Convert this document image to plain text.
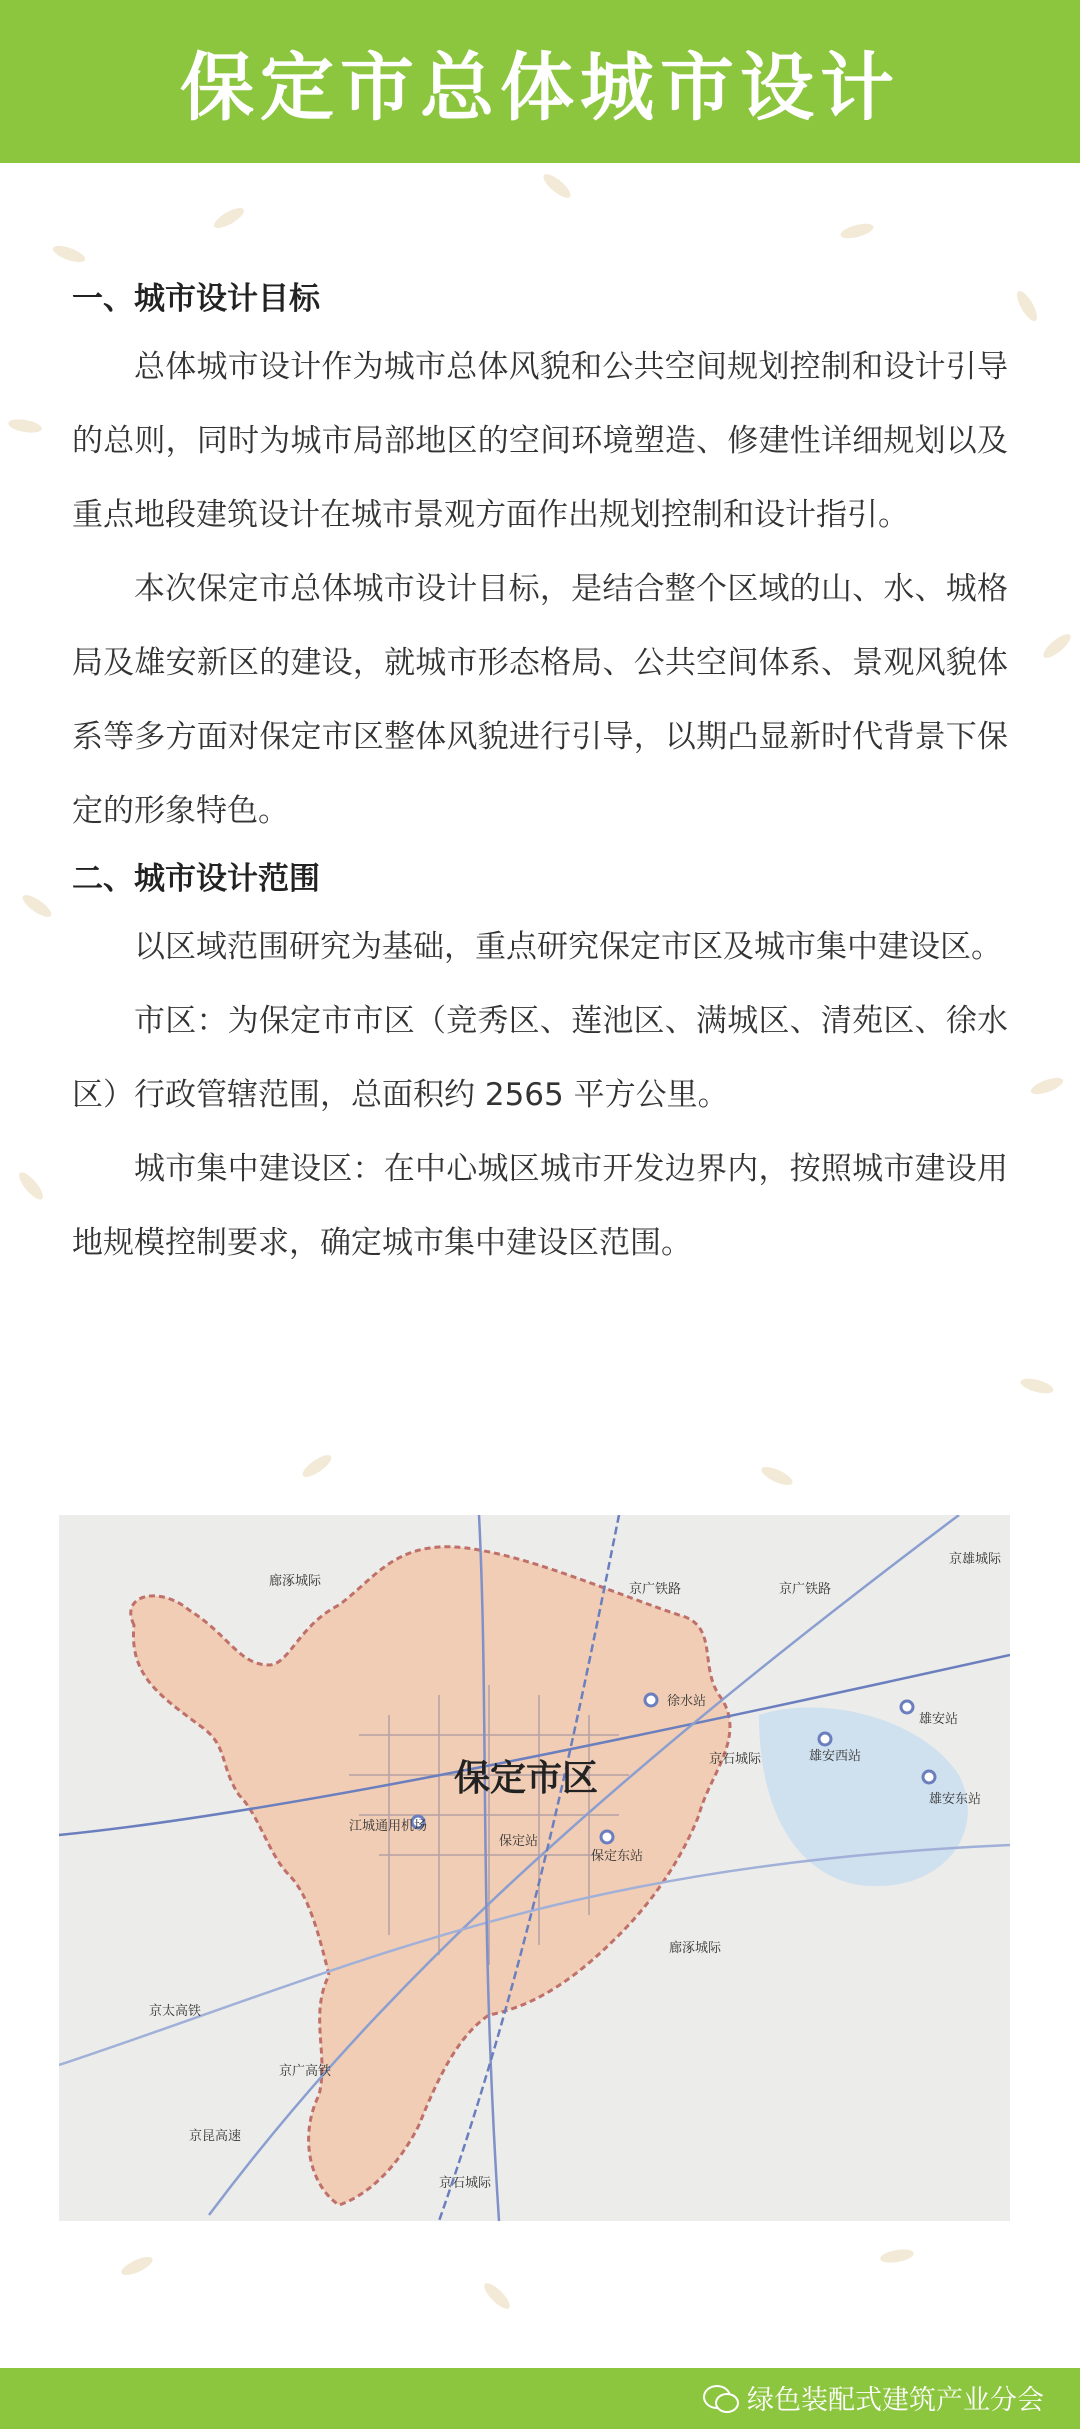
保定市总体城市设计
一、城市设计目标

总体城市设计作为城市总体风貌和公共空间规划控制和设计引导的总则，同时为城市局部地区的空间环境塑造、修建性详细规划以及重点地段建筑设计在城市景观方面作出规划控制和设计指引。

本次保定市总体城市设计目标，是结合整个区域的山、水、城格局及雄安新区的建设，就城市形态格局、公共空间体系、景观风貌体系等多方面对保定市区整体风貌进行引导，以期凸显新时代背景下保定的形象特色。

二、城市设计范围

以区域范围研究为基础，重点研究保定市区及城市集中建设区。

市区：为保定市市区（竞秀区、莲池区、满城区、清苑区、徐水区）行政管辖范围，总面积约 2565 平方公里。

城市集中建设区：在中心城区城市开发边界内，按照城市建设用地规模控制要求，确定城市集中建设区范围。

保定市区
廊涿城际
京广铁路	京广铁路
徐水站
京石城际	雄安西站
雄安站
雄安东站
江城通用机场
保定东站
保定站
京太高铁
京广高铁
京昆高速
京石城际
廊涿城际
京雄城际
绿色装配式建筑产业分会
